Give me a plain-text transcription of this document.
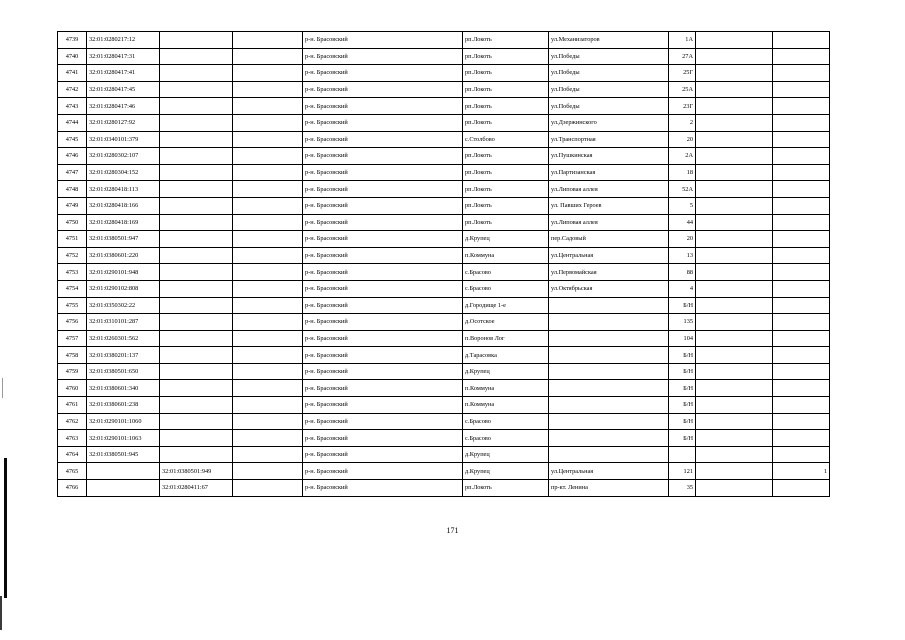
4739	32:01:0280217:12			р-н. Брасовский	рп.Локоть	ул.Механизаторов	1А		
4740	32:01:0280417:31			р-н. Брасовский	рп.Локоть	ул.Победы	27А		
4741	32:01:0280417:41			р-н. Брасовский	рп.Локоть	ул.Победы	25Г		
4742	32:01:0280417:45			р-н. Брасовский	рп.Локоть	ул.Победы	25А		
4743	32:01:0280417:46			р-н. Брасовский	рп.Локоть	ул.Победы	23Г		
4744	32:01:0280127:92			р-н. Брасовский	рп.Локоть	ул.Дзержинского	2		
4745	32:01:0340101:379			р-н. Брасовский	с.Столбово	ул.Транспортная	20		
4746	32:01:0280302:107			р-н. Брасовский	рп.Локоть	ул.Пушкинская	2А		
4747	32:01:0280304:152			р-н. Брасовский	рп.Локоть	ул.Партизанская	18		
4748	32:01:0280418:113			р-н. Брасовский	рп.Локоть	ул.Липовая аллея	52А		
4749	32:01:0280418:166			р-н. Брасовский	рп.Локоть	ул. Павших Героев	5		
4750	32:01:0280418:169			р-н. Брасовский	рп.Локоть	ул.Липовая аллея	44		
4751	32:01:0380501:947			р-н. Брасовский	д.Крупец	пер.Садовый	20		
4752	32:01:0380601:220			р-н. Брасовский	п.Коммуна	ул.Центральная	13		
4753	32:01:0290101:948			р-н. Брасовский	с.Брасово	ул.Первомайская	88		
4754	32:01:0290102:808			р-н. Брасовский	с.Брасово	ул.Октябрьская	4		
4755	32:01:0350302:22			р-н. Брасовский	д.Городище 1-е		Б/Н		
4756	32:01:0310101:287			р-н. Брасовский	д.Осотское		135		
4757	32:01:0260301:562			р-н. Брасовский	п.Воронов Лог		104		
4758	32:01:0380201:137			р-н. Брасовский	д.Тарасовка		Б/Н		
4759	32:01:0380501:650			р-н. Брасовский	д.Крупец		Б/Н		
4760	32:01:0380601:340			р-н. Брасовский	п.Коммуна		Б/Н		
4761	32:01:0380601:238			р-н. Брасовский	п.Коммуна		Б/Н		
4762	32:01:0290101:1060			р-н. Брасовский	с.Брасово		Б/Н		
4763	32:01:0290101:1063			р-н. Брасовский	с.Брасово		Б/Н		
4764	32:01:0380501:945			р-н. Брасовский	д.Крупец				
4765		32:01:0380501:949		р-н. Брасовский	д.Крупец	ул.Центральная	121		1
4766		32:01:0280411:67		р-н. Брасовский	рп.Локоть	пр-кт. Ленина	35		
171
